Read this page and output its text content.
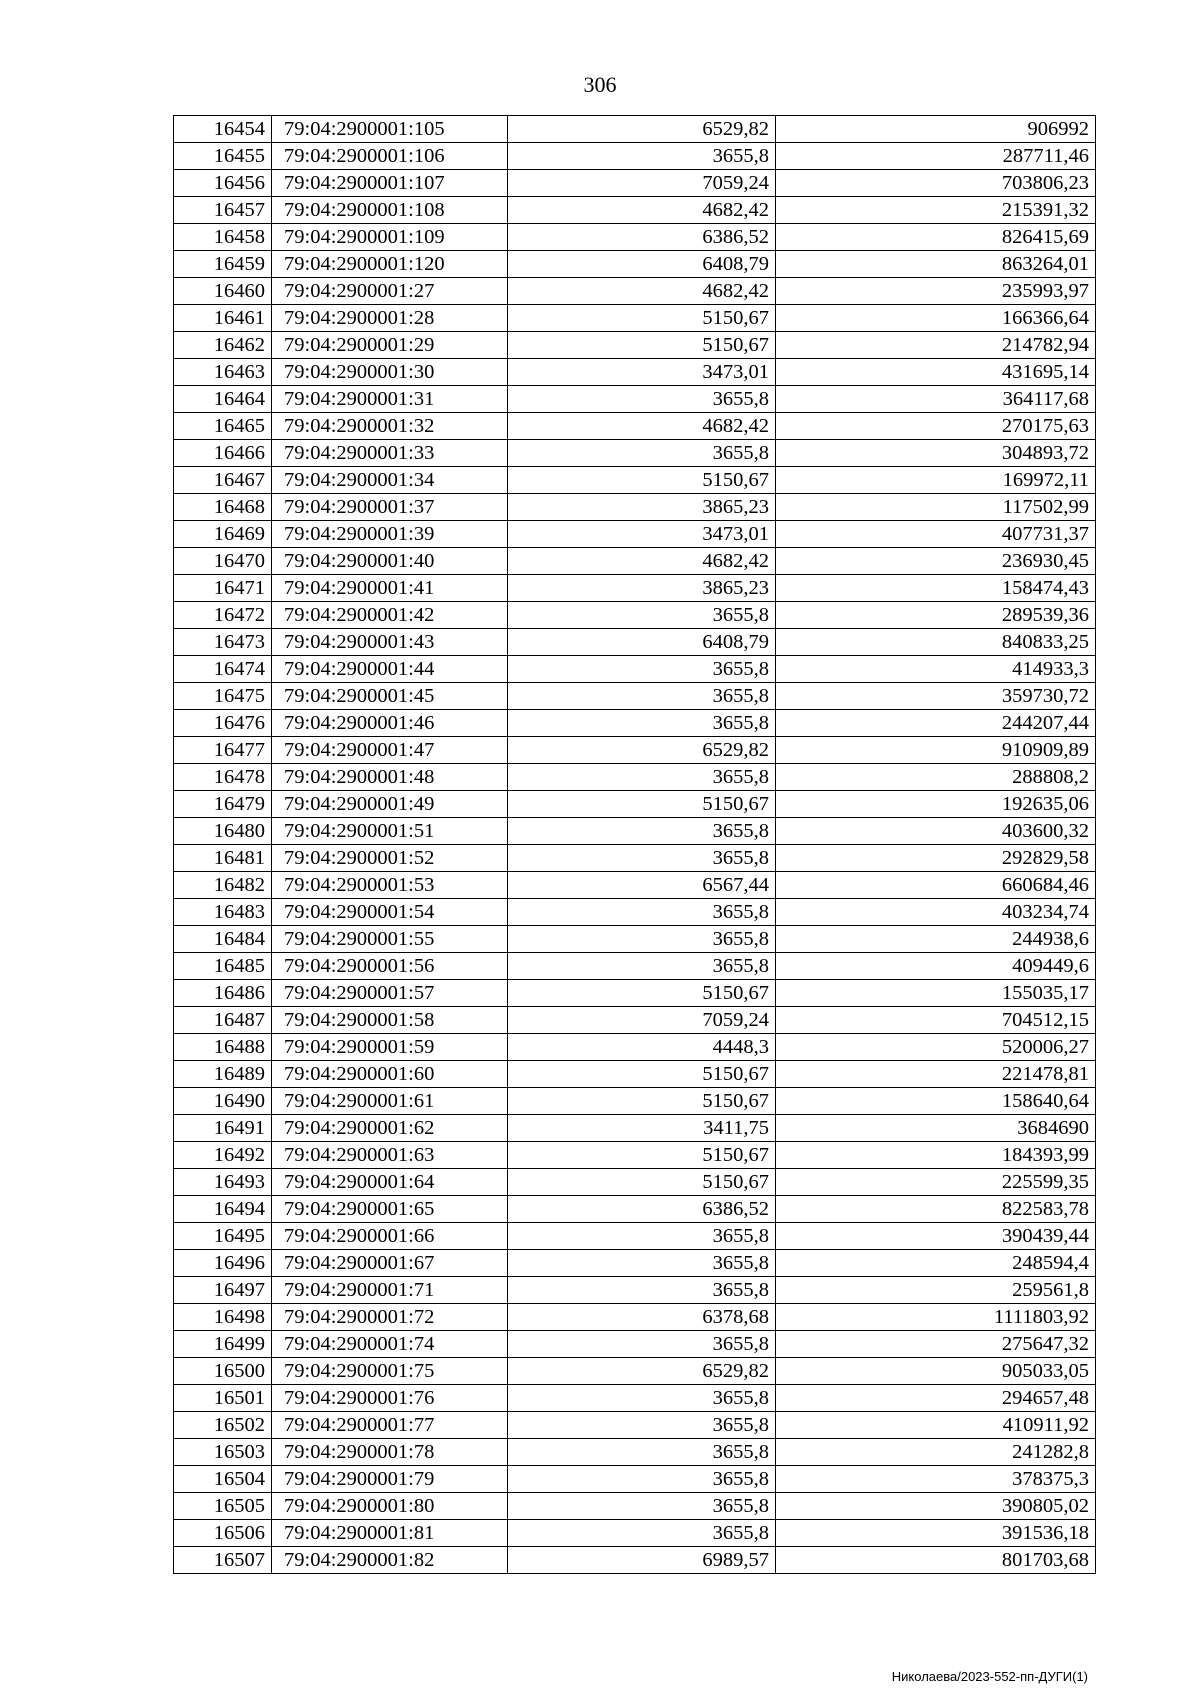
306
16454	79:04:2900001:105	6529,82	906992
16455	79:04:2900001:106	3655,8	287711,46
16456	79:04:2900001:107	7059,24	703806,23
16457	79:04:2900001:108	4682,42	215391,32
16458	79:04:2900001:109	6386,52	826415,69
16459	79:04:2900001:120	6408,79	863264,01
16460	79:04:2900001:27	4682,42	235993,97
16461	79:04:2900001:28	5150,67	166366,64
16462	79:04:2900001:29	5150,67	214782,94
16463	79:04:2900001:30	3473,01	431695,14
16464	79:04:2900001:31	3655,8	364117,68
16465	79:04:2900001:32	4682,42	270175,63
16466	79:04:2900001:33	3655,8	304893,72
16467	79:04:2900001:34	5150,67	169972,11
16468	79:04:2900001:37	3865,23	117502,99
16469	79:04:2900001:39	3473,01	407731,37
16470	79:04:2900001:40	4682,42	236930,45
16471	79:04:2900001:41	3865,23	158474,43
16472	79:04:2900001:42	3655,8	289539,36
16473	79:04:2900001:43	6408,79	840833,25
16474	79:04:2900001:44	3655,8	414933,3
16475	79:04:2900001:45	3655,8	359730,72
16476	79:04:2900001:46	3655,8	244207,44
16477	79:04:2900001:47	6529,82	910909,89
16478	79:04:2900001:48	3655,8	288808,2
16479	79:04:2900001:49	5150,67	192635,06
16480	79:04:2900001:51	3655,8	403600,32
16481	79:04:2900001:52	3655,8	292829,58
16482	79:04:2900001:53	6567,44	660684,46
16483	79:04:2900001:54	3655,8	403234,74
16484	79:04:2900001:55	3655,8	244938,6
16485	79:04:2900001:56	3655,8	409449,6
16486	79:04:2900001:57	5150,67	155035,17
16487	79:04:2900001:58	7059,24	704512,15
16488	79:04:2900001:59	4448,3	520006,27
16489	79:04:2900001:60	5150,67	221478,81
16490	79:04:2900001:61	5150,67	158640,64
16491	79:04:2900001:62	3411,75	3684690
16492	79:04:2900001:63	5150,67	184393,99
16493	79:04:2900001:64	5150,67	225599,35
16494	79:04:2900001:65	6386,52	822583,78
16495	79:04:2900001:66	3655,8	390439,44
16496	79:04:2900001:67	3655,8	248594,4
16497	79:04:2900001:71	3655,8	259561,8
16498	79:04:2900001:72	6378,68	1111803,92
16499	79:04:2900001:74	3655,8	275647,32
16500	79:04:2900001:75	6529,82	905033,05
16501	79:04:2900001:76	3655,8	294657,48
16502	79:04:2900001:77	3655,8	410911,92
16503	79:04:2900001:78	3655,8	241282,8
16504	79:04:2900001:79	3655,8	378375,3
16505	79:04:2900001:80	3655,8	390805,02
16506	79:04:2900001:81	3655,8	391536,18
16507	79:04:2900001:82	6989,57	801703,68
Николаева/2023-552-пп-ДУГИ(1)
